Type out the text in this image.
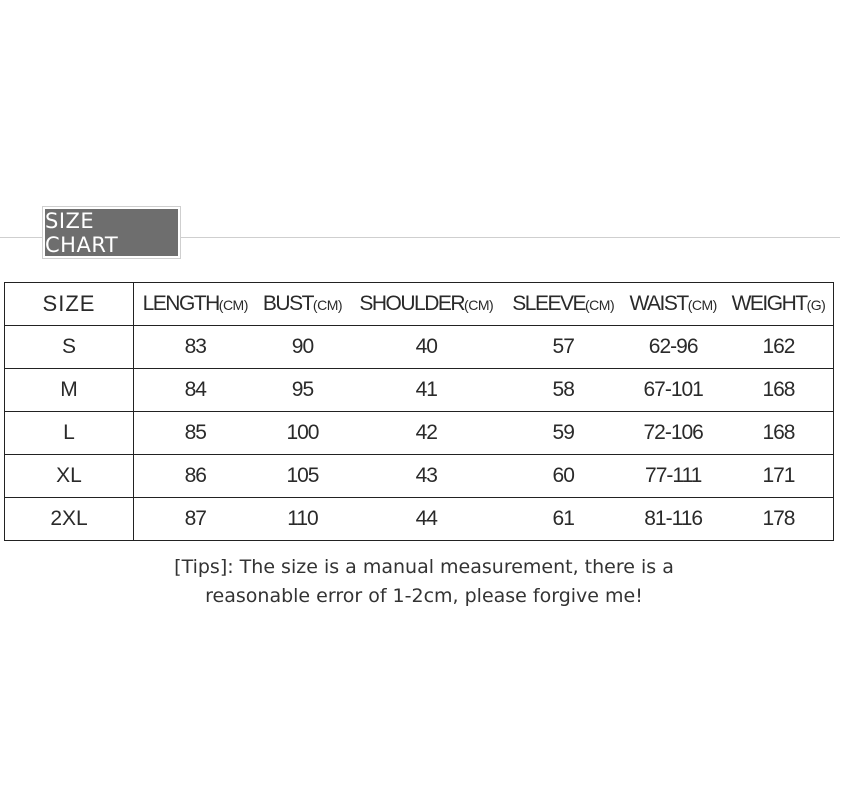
SIZE CHART
SIZE	LENGTH(CM)	BUST(CM)	SHOULDER(CM)	SLEEVE(CM)	WAIST(CM)	WEIGHT(G)
S	83	90	40	57	62-96	162
M	84	95	41	58	67-101	168
L	85	100	42	59	72-106	168
XL	86	105	43	60	77-111	171
2XL	87	110	44	61	81-116	178
[Tips]: The size is a manual measurement, there is a
reasonable error of 1-2cm, please forgive me!
